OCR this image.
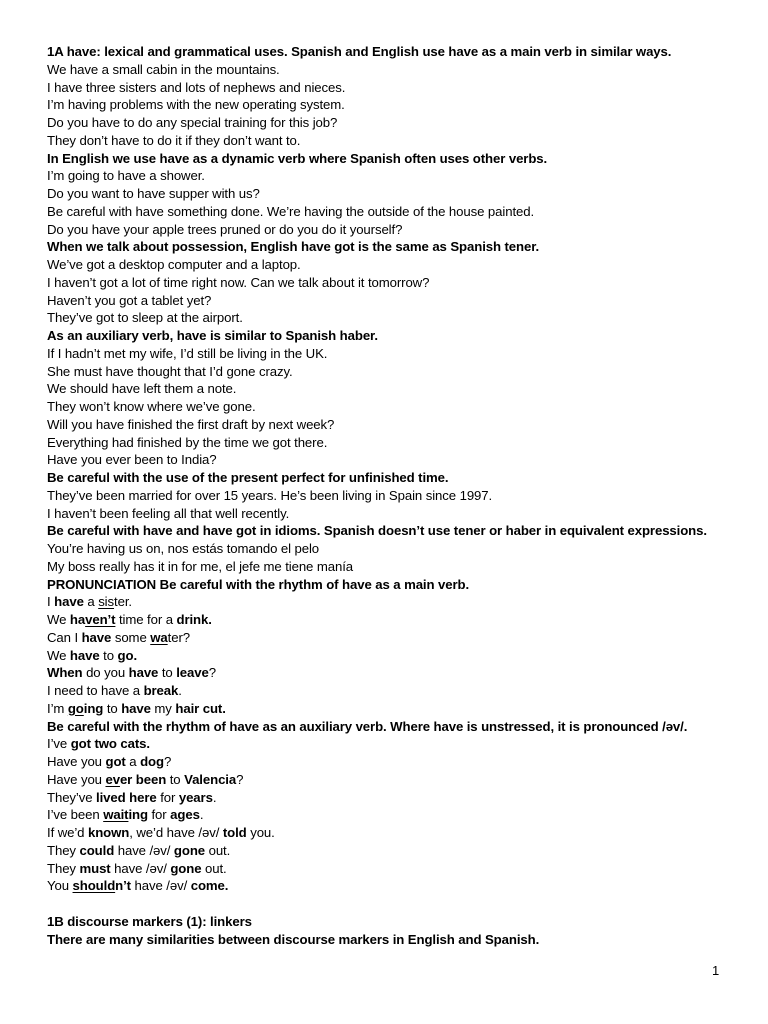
1A have: lexical and grammatical uses. Spanish and English use have as a main verb in similar ways.
We have a small cabin in the mountains.
I have three sisters and lots of nephews and nieces.
I’m having problems with the new operating system.
Do you have to do any special training for this job?
They don’t have to do it if they don’t want to.
In English we use have as a dynamic verb where Spanish often uses other verbs.
I’m going to have a shower.
Do you want to have supper with us?
Be careful with have something done. We’re having the outside of the house painted.
Do you have your apple trees pruned or do you do it yourself?
When we talk about possession, English have got is the same as Spanish tener.
We’ve got a desktop computer and a laptop.
I haven’t got a lot of time right now. Can we talk about it tomorrow?
Haven’t you got a tablet yet?
They’ve got to sleep at the airport.
As an auxiliary verb, have is similar to Spanish haber.
If I hadn’t met my wife, I’d still be living in the UK.
She must have thought that I’d gone crazy.
We should have left them a note.
They won’t know where we’ve gone.
Will you have finished the first draft by next week?
Everything had finished by the time we got there.
Have you ever been to India?
Be careful with the use of the present perfect for unfinished time.
They’ve been married for over 15 years. He’s been living in Spain since 1997.
I haven’t been feeling all that well recently.
Be careful with have and have got in idioms. Spanish doesn’t use tener or haber in equivalent expressions.
You’re having us on, nos estás tomando el pelo
My boss really has it in for me, el jefe me tiene manía
PRONUNCIATION Be careful with the rhythm of have as a main verb.
I have a sister.
We haven’t time for a drink.
Can I have some water?
We have to go.
When do you have to leave?
I need to have a break.
I’m going to have my hair cut.
Be careful with the rhythm of have as an auxiliary verb. Where have is unstressed, it is pronounced /əv/.
I’ve got two cats.
Have you got a dog?
Have you ever been to Valencia?
They’ve lived here for years.
I’ve been waiting for ages.
If we’d known, we’d have /əv/ told you.
They could have /əv/ gone out.
They must have /əv/ gone out.
You shouldn’t have /əv/ come.
1B discourse markers (1): linkers
There are many similarities between discourse markers in English and Spanish.
1
